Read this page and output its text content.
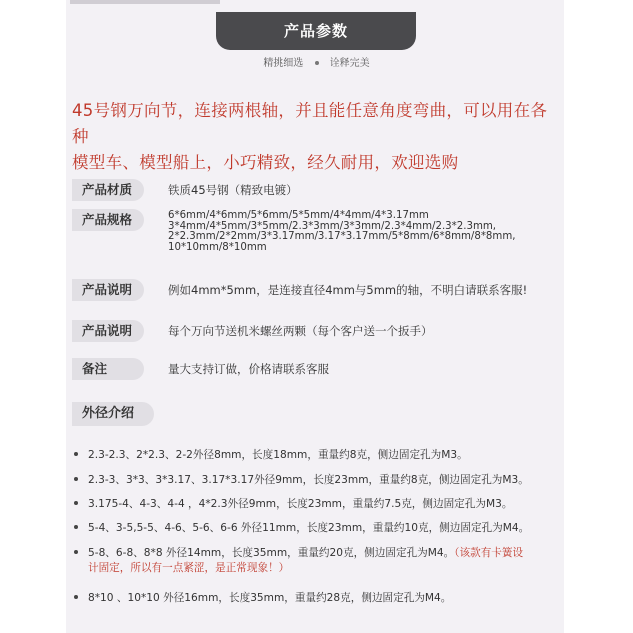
产品参数
精挑细选	诠释完美
45号钢万向节，连接两根轴，并且能任意角度弯曲，可以用在各种
模型车、模型船上，小巧精致，经久耐用，欢迎选购
产品材质	铁质45号钢（精致电镀）
产品规格	6*6mm/4*6mm/5*6mm/5*5mm/4*4mm/4*3.17mm
3*4mm/4*5mm/3*5mm/2.3*3mm/3*3mm/2.3*4mm/2.3*2.3mm,
2*2.3mm/2*2mm/3*3.17mm/3.17*3.17mm/5*8mm/6*8mm/8*8mm,
10*10mm/8*10mm
产品说明	例如4mm*5mm，是连接直径4mm与5mm的轴，不明白请联系客服!
产品说明	每个万向节送机米螺丝两颗（每个客户送一个扳手）
备注	量大支持订做，价格请联系客服
外径介绍
2.3-2.3、2*2.3、2-2外径8mm，长度18mm，重量约8克，侧边固定孔为M3。
2.3-3、3*3、3*3.17、3.17*3.17外径9mm，长度23mm，重量约8克，侧边固定孔为M3。
3.175-4、4-3、4-4 ，4*2.3外径9mm，长度23mm，重量约7.5克，侧边固定孔为M3。
5-4、3-5,5-5、4-6、5-6、6-6 外径11mm，长度23mm，重量约10克，侧边固定孔为M4。
5-8、6-8、8*8 外径14mm，长度35mm，重量约20克，侧边固定孔为M4。（该款有卡簧设
计固定，所以有一点紧涩，是正常现象！）
8*10 、10*10 外径16mm，长度35mm，重量约28克，侧边固定孔为M4。
